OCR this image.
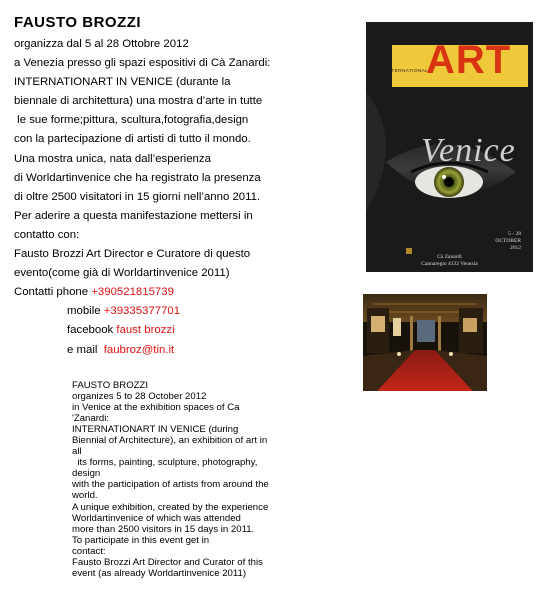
FAUSTO BROZZI
organizza dal 5 al 28 Ottobre 2012
a Venezia presso gli spazi espositivi di Cà Zanardi:
INTERNATIONART IN VENICE (durante la
biennale di architettura) una mostra d’arte in tutte
le sue forme;pittura, scultura,fotografia,design
con la partecipazione di artisti di tutto il mondo.
Una mostra unica, nata dall’esperienza
di Worldartinvenice che ha registrato la presenza
di oltre 2500 visitatori in 15 giorni nell’anno 2011.
Per aderire a questa manifestazione mettersi in
contatto con:
Fausto Brozzi Art Director e Curatore di questo
evento(come già di Worldartinvenice 2011)
Contatti phone +390521815739
mobile +39335377701
facebook faust brozzi
e mail  faubroz@tin.it
FAUSTO BROZZI
organizes 5 to 28 October 2012
in Venice at the exhibition spaces of Ca
'Zanardi:
INTERNATIONART IN VENICE (during
Biennial of Architecture), an exhibition of art in
all
its forms, painting, sculpture, photography,
design
with the participation of artists from around the
world.
A unique exhibition, created by the experience
Worldartinvenice of which was attended
more than 2500 visitors in 15 days in 2011.
To participate in this event get in
contact:
Fausto Brozzi Art Director and Curator of this
event (as already Worldartinvenice 2011)
ART
INTERNATIONAL
Venice
5 - 28
OCTOBER
2012
Cà Zanardi
Cannaregio 4132 Venezia
